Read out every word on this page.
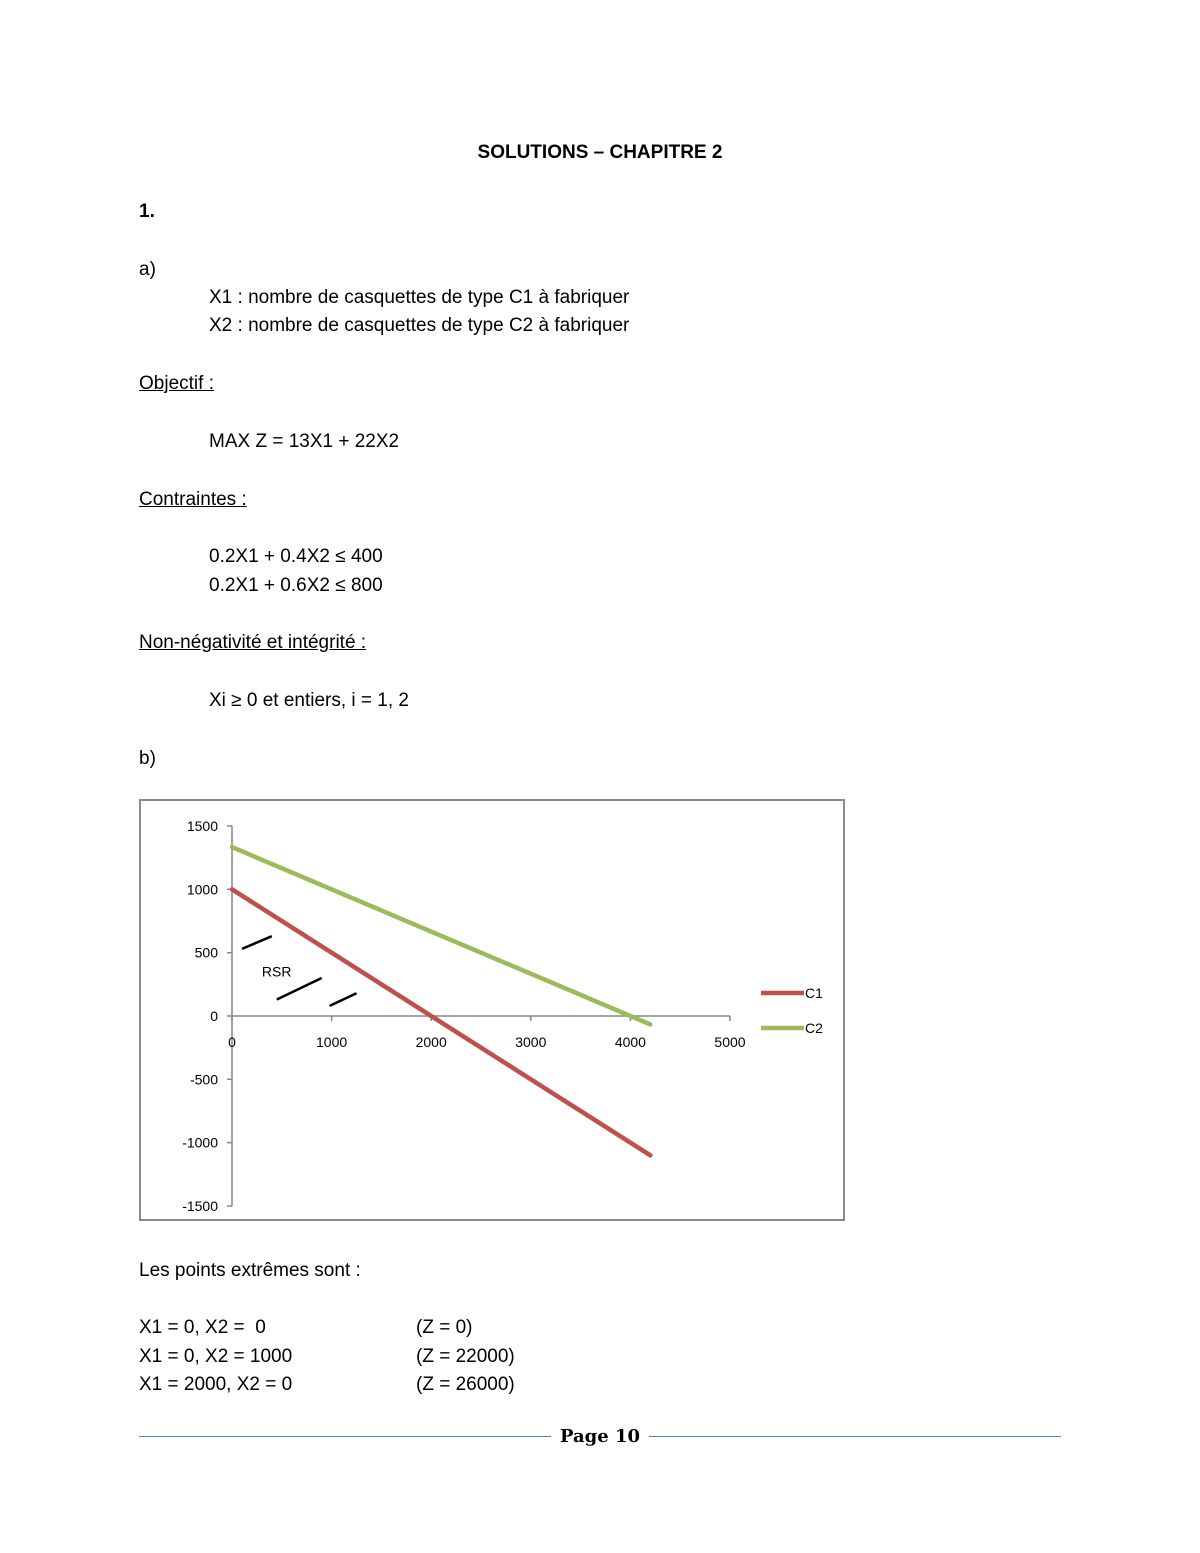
SOLUTIONS – CHAPITRE 2
1.
a)
X1 : nombre de casquettes de type C1 à fabriquer
X2 : nombre de casquettes de type C2 à fabriquer
Objectif :
MAX Z = 13X1 + 22X2
Contraintes :
0.2X1 + 0.4X2 ≤ 400
0.2X1 + 0.6X2 ≤ 800
Non-négativité et intégrité :
Xi ≥ 0 et entiers, i = 1, 2
b)
1500
1000
500
0
-500
-1000
-1500
0	1000	2000	3000	4000	5000
C1
C2
RSR
Les points extrêmes sont :
X1 = 0, X2 =  0	(Z = 0)
X1 = 0, X2 = 1000	(Z = 22000)
X1 = 2000, X2 = 0	(Z = 26000)
Page 10
